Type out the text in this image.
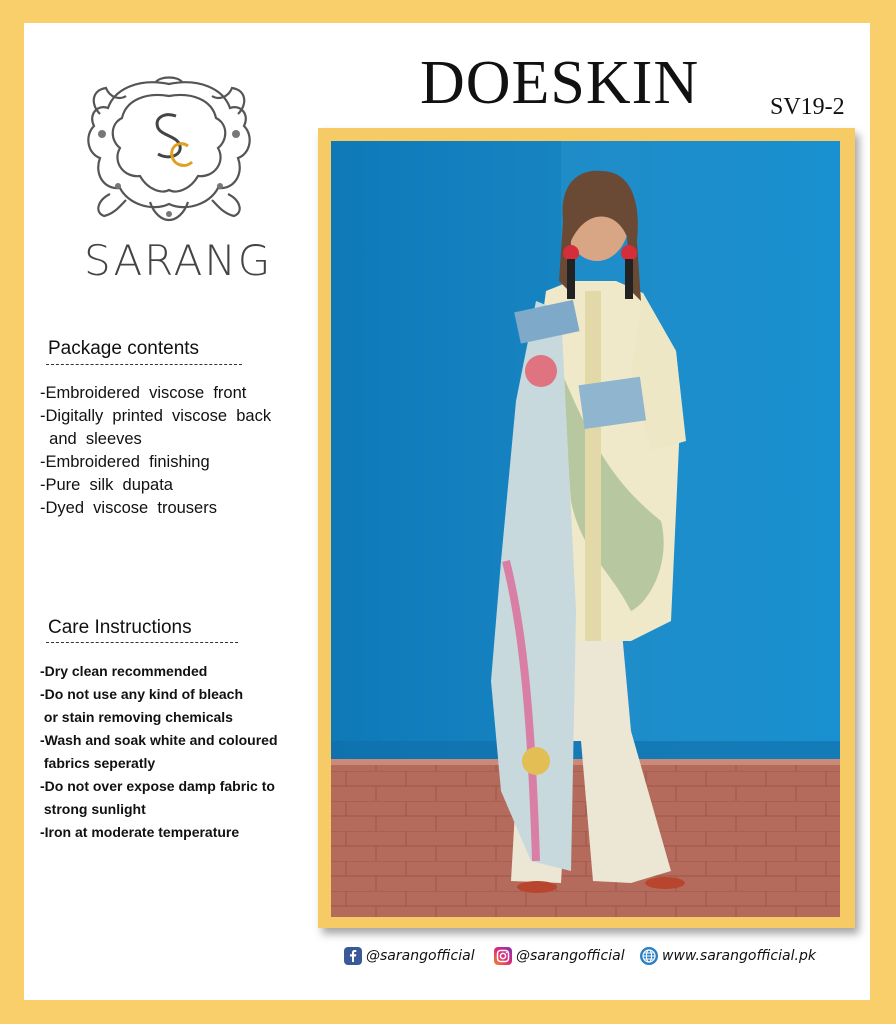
SARANG
DOESKIN	SV19-2
Package contents
-Embroidered  viscose  front
-Digitally  printed  viscose  back
and  sleeves
-Embroidered  finishing
-Pure  silk  dupata
-Dyed  viscose  trousers
Care Instructions
-Dry clean recommended
-Do not use any kind of bleach
or stain removing chemicals
-Wash and soak white and coloured
fabrics seperatly
-Do not over expose damp fabric to
strong sunlight
-Iron at moderate temperature
@sarangofficial	@sarangofficial	www.sarangofficial.pk
